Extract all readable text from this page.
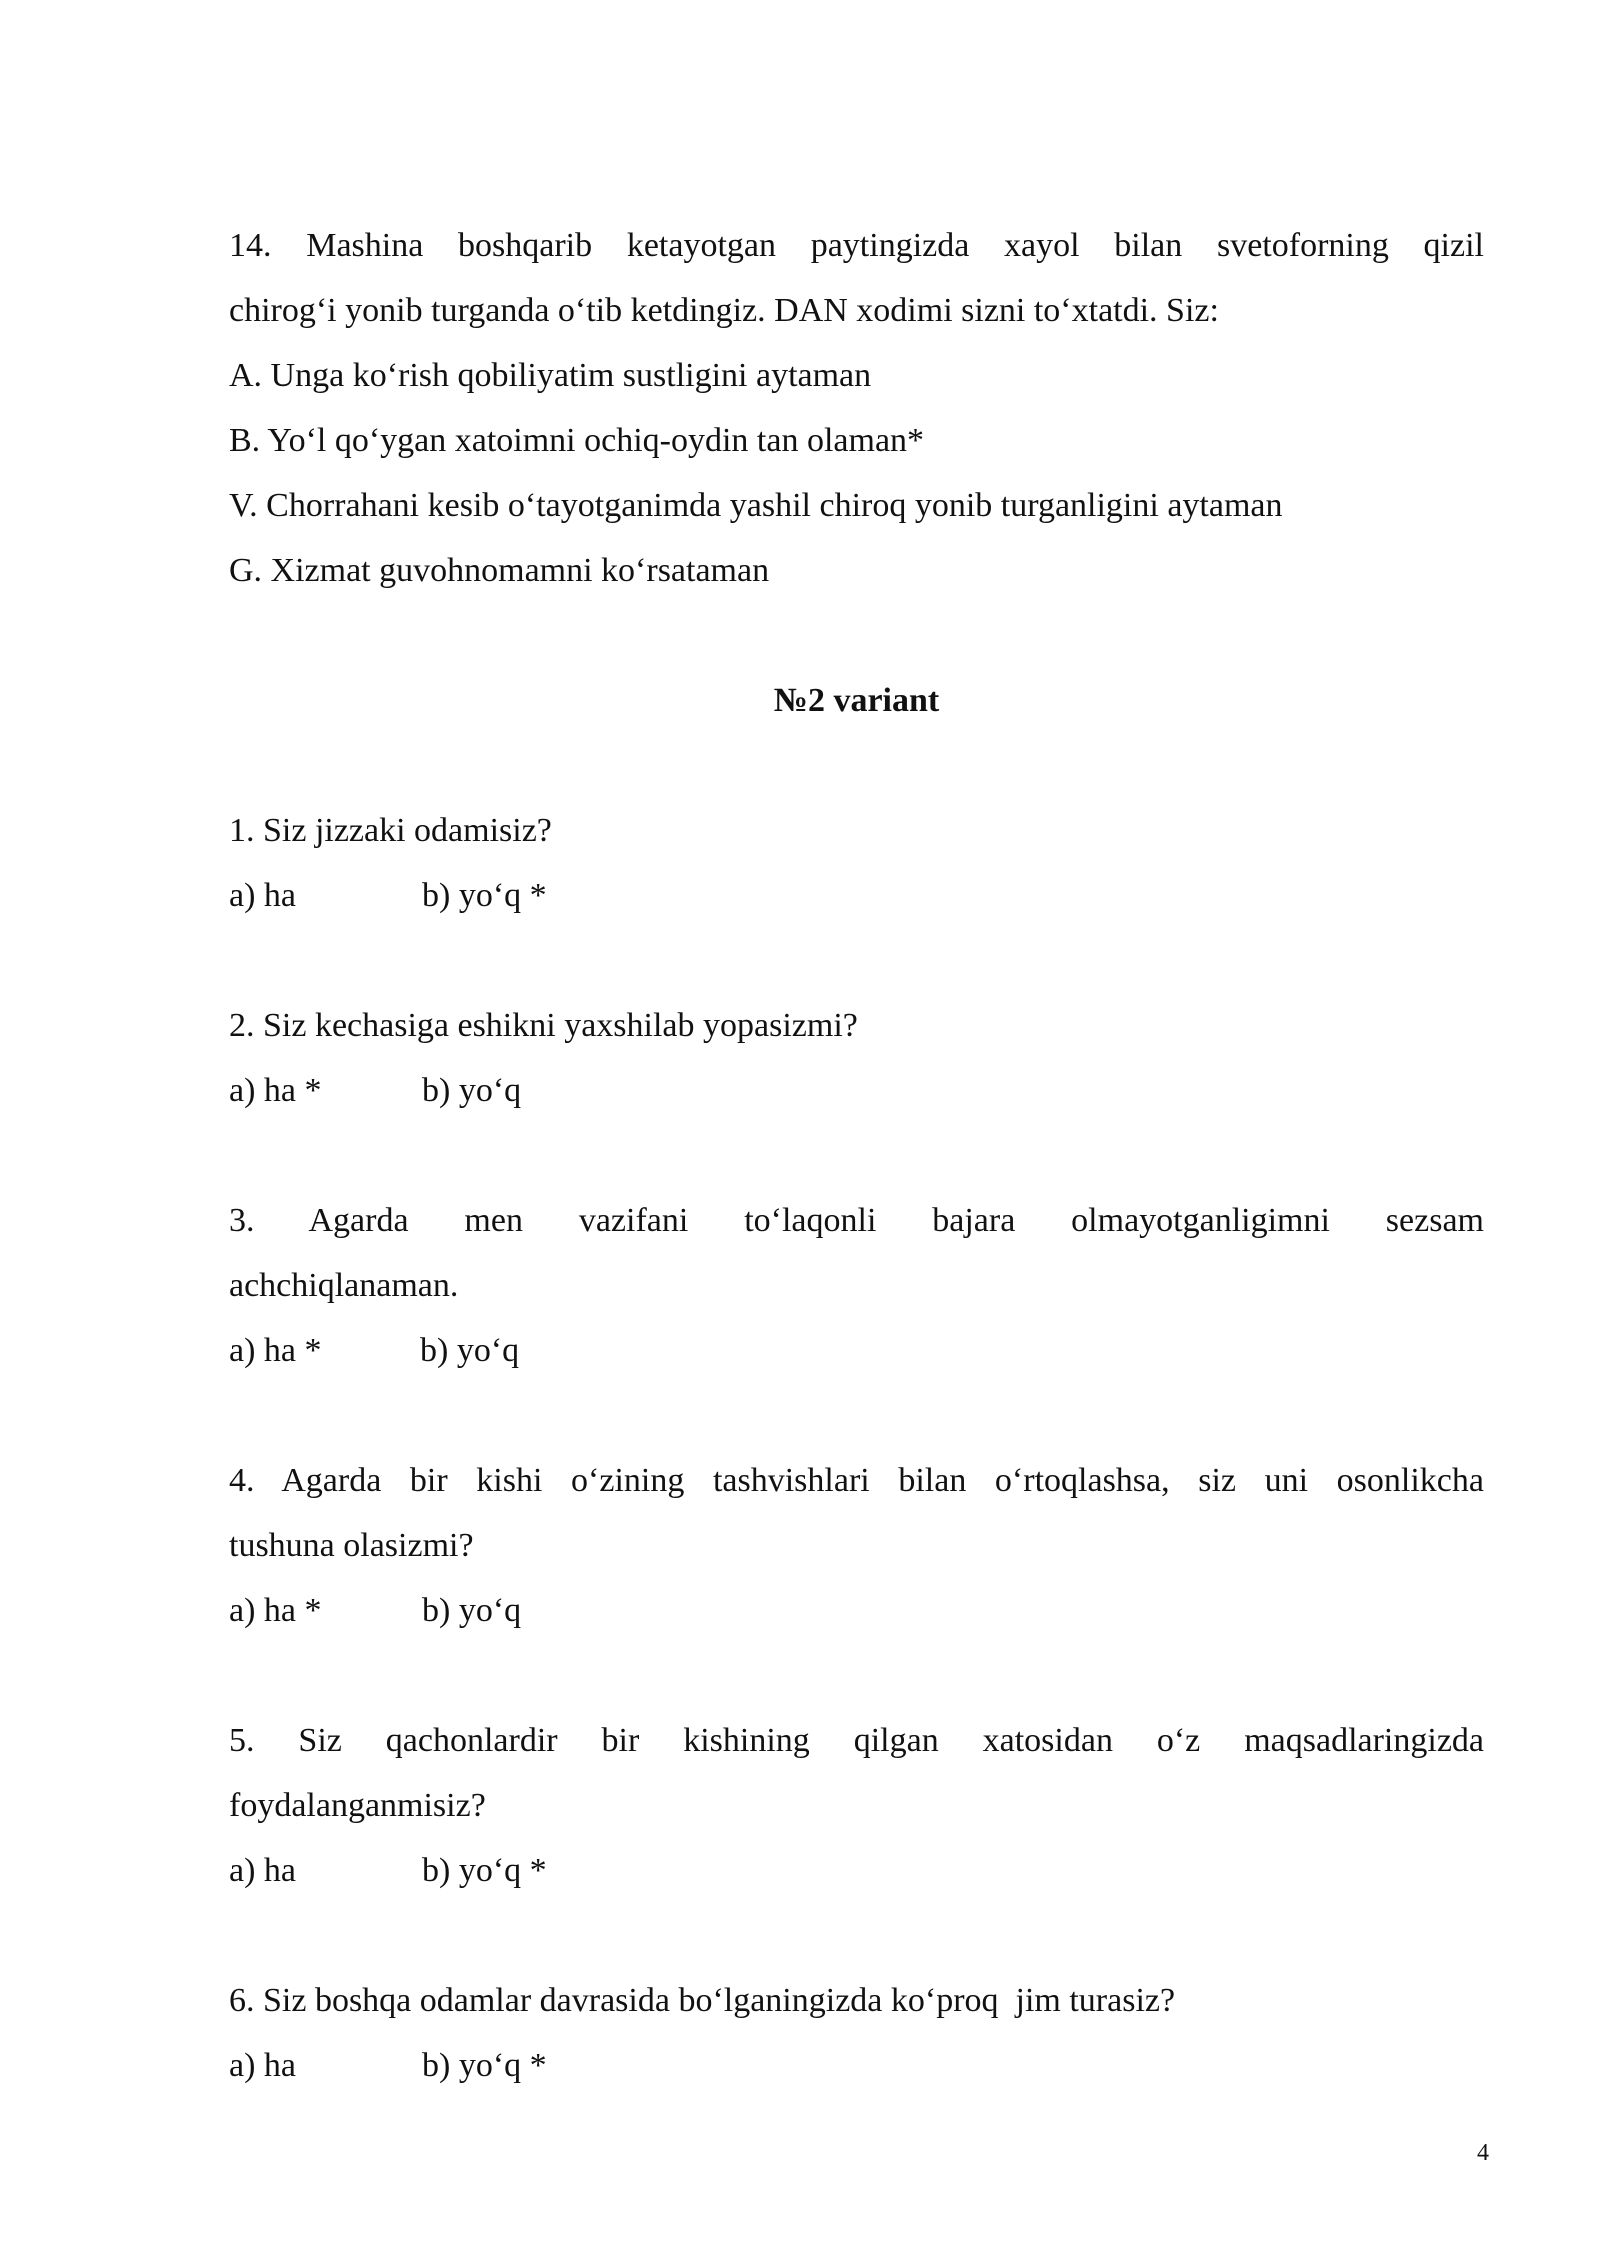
14. Mashina boshqarib ketayotgan paytingizda xayol bilan svetoforning qizil

chirog‘i yonib turganda o‘tib ketdingiz. DAN xodimi sizni to‘xtatdi. Siz:

A. Unga ko‘rish qobiliyatim sustligini aytaman

B. Yo‘l qo‘ygan xatoimni ochiq-oydin tan olaman*

V. Chorrahani kesib o‘tayotganimda yashil chiroq yonib turganligini aytaman

G. Xizmat guvohnomamni ko‘rsataman

№2 variant

1. Siz jizzaki odamisiz?

a) ha	b) yo‘q *

2. Siz kechasiga eshikni yaxshilab yopasizmi?

a) ha *	b) yo‘q

3. Agarda men vazifani to‘laqonli bajara olmayotganligimni sezsam

achchiqlanaman.

a) ha *	b) yo‘q

4. Agarda bir kishi o‘zining tashvishlari bilan o‘rtoqlashsa, siz uni osonlikcha

tushuna olasizmi?

a) ha *	b) yo‘q

5. Siz qachonlardir bir kishining qilgan xatosidan o‘z maqsadlaringizda

foydalanganmisiz?

a) ha	b) yo‘q *

6. Siz boshqa odamlar davrasida bo‘lganingizda ko‘proq  jim turasiz?

a) ha	b) yo‘q *
4
